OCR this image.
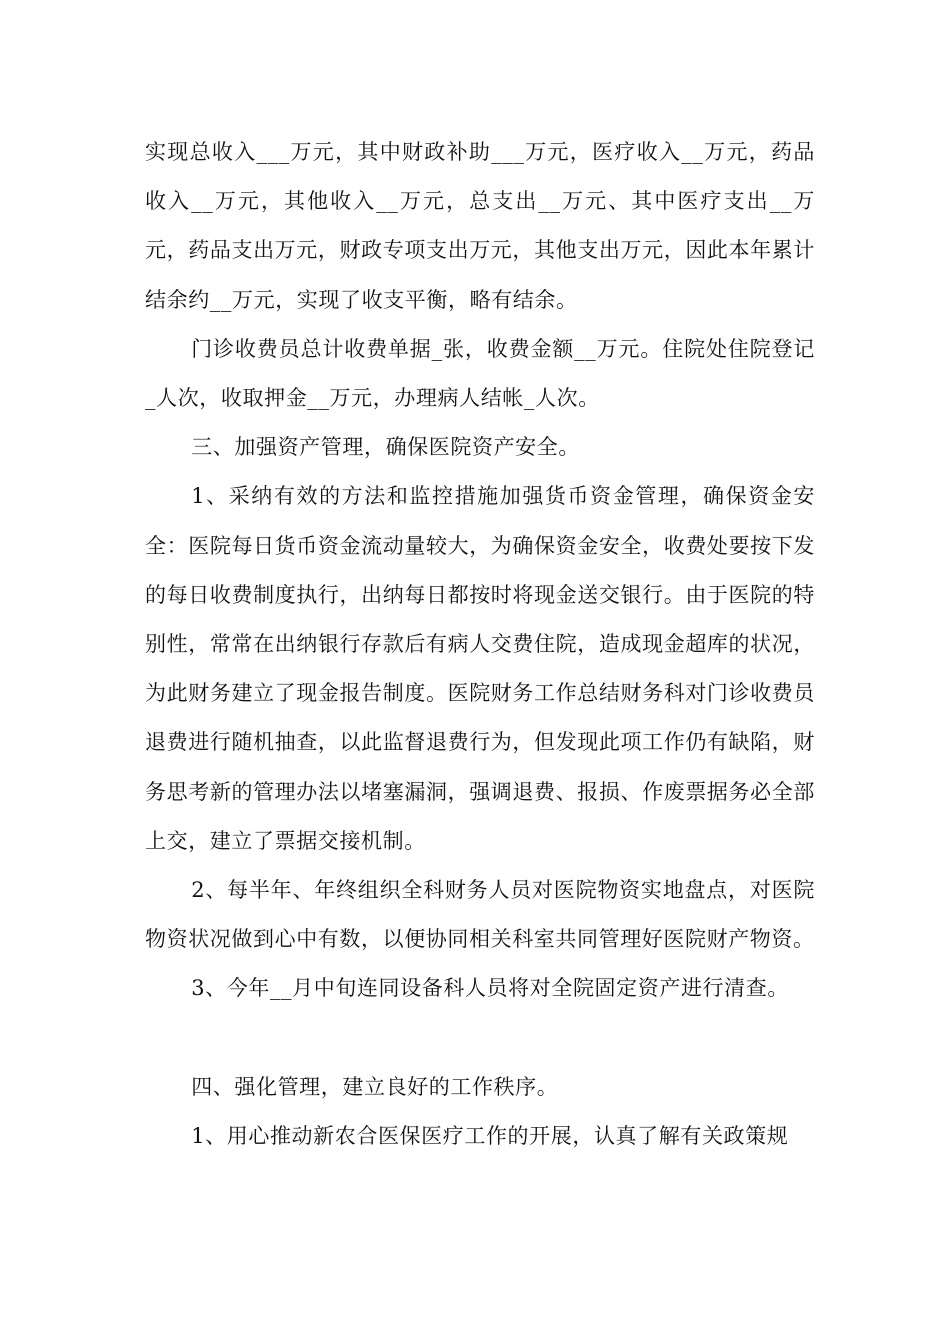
实现总收入___万元，其中财政补助___万元，医疗收入__万元，药品收入__万元，其他收入__万元，总支出__万元、其中医疗支出__万元，药品支出万元，财政专项支出万元，其他支出万元，因此本年累计结余约__万元，实现了收支平衡，略有结余。

门诊收费员总计收费单据_张，收费金额__万元。住院处住院登记_人次，收取押金__万元，办理病人结帐_人次。

三、加强资产管理，确保医院资产安全。

1、采纳有效的方法和监控措施加强货币资金管理，确保资金安全：医院每日货币资金流动量较大，为确保资金安全，收费处要按下发的每日收费制度执行，出纳每日都按时将现金送交银行。由于医院的特别性，常常在出纳银行存款后有病人交费住院，造成现金超库的状况，为此财务建立了现金报告制度。医院财务工作总结财务科对门诊收费员退费进行随机抽查，以此监督退费行为，但发现此项工作仍有缺陷，财务思考新的管理办法以堵塞漏洞，强调退费、报损、作废票据务必全部上交，建立了票据交接机制。

2、每半年、年终组织全科财务人员对医院物资实地盘点，对医院物资状况做到心中有数，以便协同相关科室共同管理好医院财产物资。

3、今年__月中旬连同设备科人员将对全院固定资产进行清查。

四、强化管理，建立良好的工作秩序。

1、用心推动新农合医保医疗工作的开展，认真了解有关政策规
